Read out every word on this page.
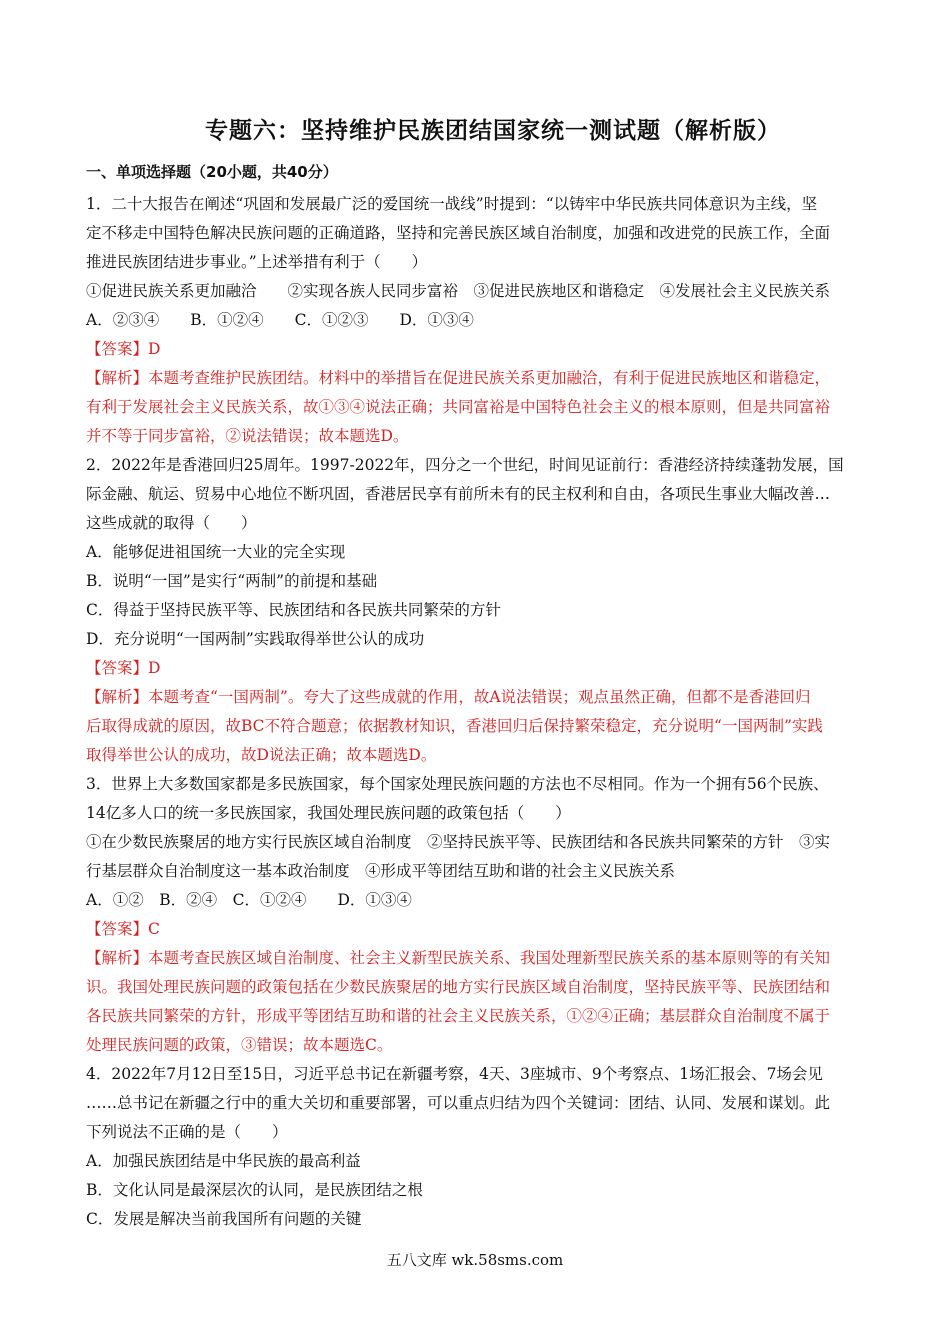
专题六：坚持维护民族团结国家统一测试题（解析版）
一、单项选择题（20小题，共40分）

1．二十大报告在阐述“巩固和发展最广泛的爱国统一战线”时提到：“以铸牢中华民族共同体意识为主线，坚

定不移走中国特色解决民族问题的正确道路，坚持和完善民族区域自治制度，加强和改进党的民族工作，全面

推进民族团结进步事业。”上述举措有利于（　　）

①促进民族关系更加融洽　　②实现各族人民同步富裕　③促进民族地区和谐稳定　④发展社会主义民族关系

A．②③④　　B．①②④　　C．①②③　　D．①③④

【答案】D

【解析】本题考查维护民族团结。材料中的举措旨在促进民族关系更加融洽，有利于促进民族地区和谐稳定，

有利于发展社会主义民族关系，故①③④说法正确；共同富裕是中国特色社会主义的根本原则，但是共同富裕

并不等于同步富裕，②说法错误；故本题选D。

2．2022年是香港回归25周年。1997-2022年，四分之一个世纪，时间见证前行：香港经济持续蓬勃发展，国

际金融、航运、贸易中心地位不断巩固，香港居民享有前所未有的民主权利和自由，各项民生事业大幅改善…

这些成就的取得（　　）

A．能够促进祖国统一大业的完全实现

B．说明“一国”是实行“两制”的前提和基础

C．得益于坚持民族平等、民族团结和各民族共同繁荣的方针

D．充分说明“一国两制”实践取得举世公认的成功

【答案】D

【解析】本题考查“一国两制”。夸大了这些成就的作用，故A说法错误；观点虽然正确，但都不是香港回归

后取得成就的原因，故BC不符合题意；依据教材知识，香港回归后保持繁荣稳定，充分说明“一国两制”实践

取得举世公认的成功，故D说法正确；故本题选D。

3．世界上大多数国家都是多民族国家，每个国家处理民族问题的方法也不尽相同。作为一个拥有56个民族、

14亿多人口的统一多民族国家，我国处理民族问题的政策包括（　　）

①在少数民族聚居的地方实行民族区域自治制度　②坚持民族平等、民族团结和各民族共同繁荣的方针　③实

行基层群众自治制度这一基本政治制度　④形成平等团结互助和谐的社会主义民族关系

A．①②　B．②④　C．①②④　　D．①③④

【答案】C

【解析】本题考查民族区域自治制度、社会主义新型民族关系、我国处理新型民族关系的基本原则等的有关知

识。我国处理民族问题的政策包括在少数民族聚居的地方实行民族区域自治制度，坚持民族平等、民族团结和

各民族共同繁荣的方针，形成平等团结互助和谐的社会主义民族关系，①②④正确；基层群众自治制度不属于

处理民族问题的政策，③错误；故本题选C。

4．2022年7月12日至15日，习近平总书记在新疆考察，4天、3座城市、9个考察点、1场汇报会、7场会见

……总书记在新疆之行中的重大关切和重要部署，可以重点归结为四个关键词：团结、认同、发展和谋划。此

下列说法不正确的是（　　）

A．加强民族团结是中华民族的最高利益

B．文化认同是最深层次的认同，是民族团结之根

C．发展是解决当前我国所有问题的关键

五八文库 wk.58sms.com
